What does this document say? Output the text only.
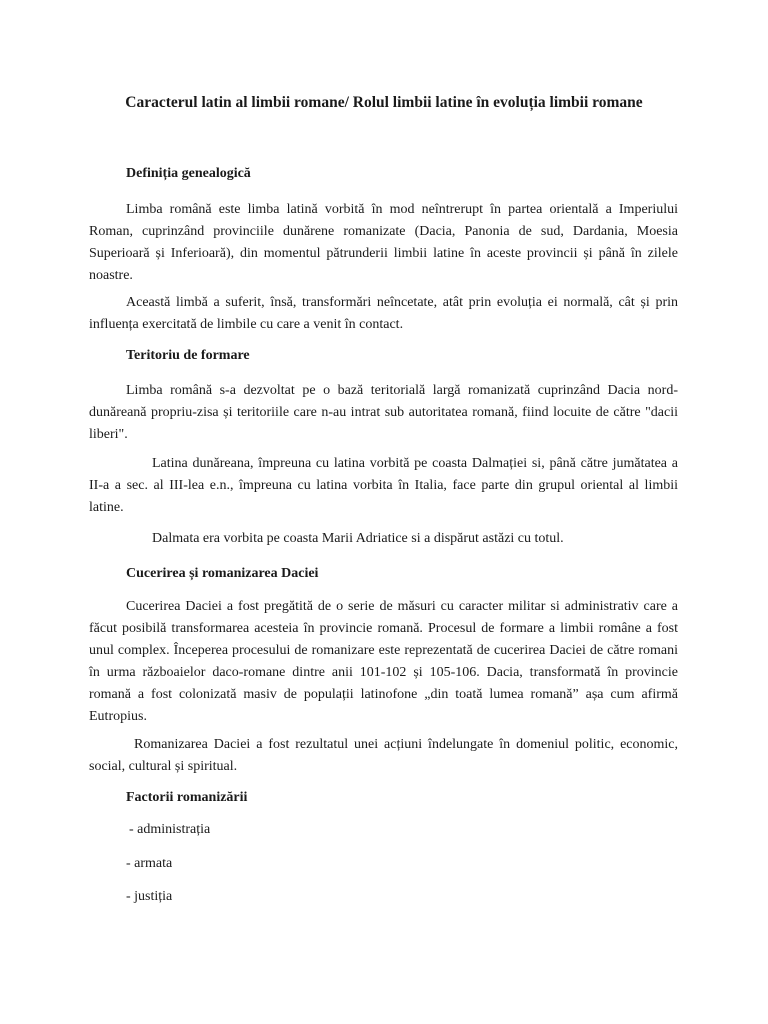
Caracterul latin al limbii romane/ Rolul limbii latine în evoluția limbii romane
Definiția genealogică

Limba română este limba latină vorbită în mod neîntrerupt în partea orientală a Imperiului Roman, cuprinzând provinciile dunărene romanizate (Dacia, Panonia de sud, Dardania, Moesia Superioară și Inferioară), din momentul pătrunderii limbii latine în aceste provincii și până în zilele noastre.

Această limbă a suferit, însă, transformări neîncetate, atât prin evoluția ei normală, cât și prin influența exercitată de limbile cu care a venit în contact.

Teritoriu de formare

Limba română s-a dezvoltat pe o bază teritorială largă romanizată cuprinzând Dacia nord-dunăreană propriu-zisa și teritoriile care n-au intrat sub autoritatea romană, fiind locuite de către "dacii liberi".

Latina dunăreana, împreuna cu latina vorbită pe coasta Dalmației si, până către jumătatea a II-a a sec. al III-lea e.n., împreuna cu latina vorbita în Italia, face parte din grupul oriental al limbii latine.

Dalmata era vorbita pe coasta Marii Adriatice si a dispărut astăzi cu totul.

Cucerirea și romanizarea Daciei

Cucerirea Daciei a fost pregătită de o serie de măsuri cu caracter militar si administrativ care a făcut posibilă transformarea acesteia în provincie romană. Procesul de formare a limbii române a fost unul complex. Începerea procesului de romanizare este reprezentată de cucerirea Daciei de către romani în urma războaielor daco-romane dintre anii 101-102 și 105-106. Dacia, transformată în provincie romană a fost colonizată masiv de populații latinofone „din toată lumea romană” așa cum afirmă Eutropius.

Romanizarea Daciei a fost rezultatul unei acțiuni îndelungate în domeniul politic, economic, social, cultural și spiritual.

Factorii romanizării

- administrația

- armata

- justiția
